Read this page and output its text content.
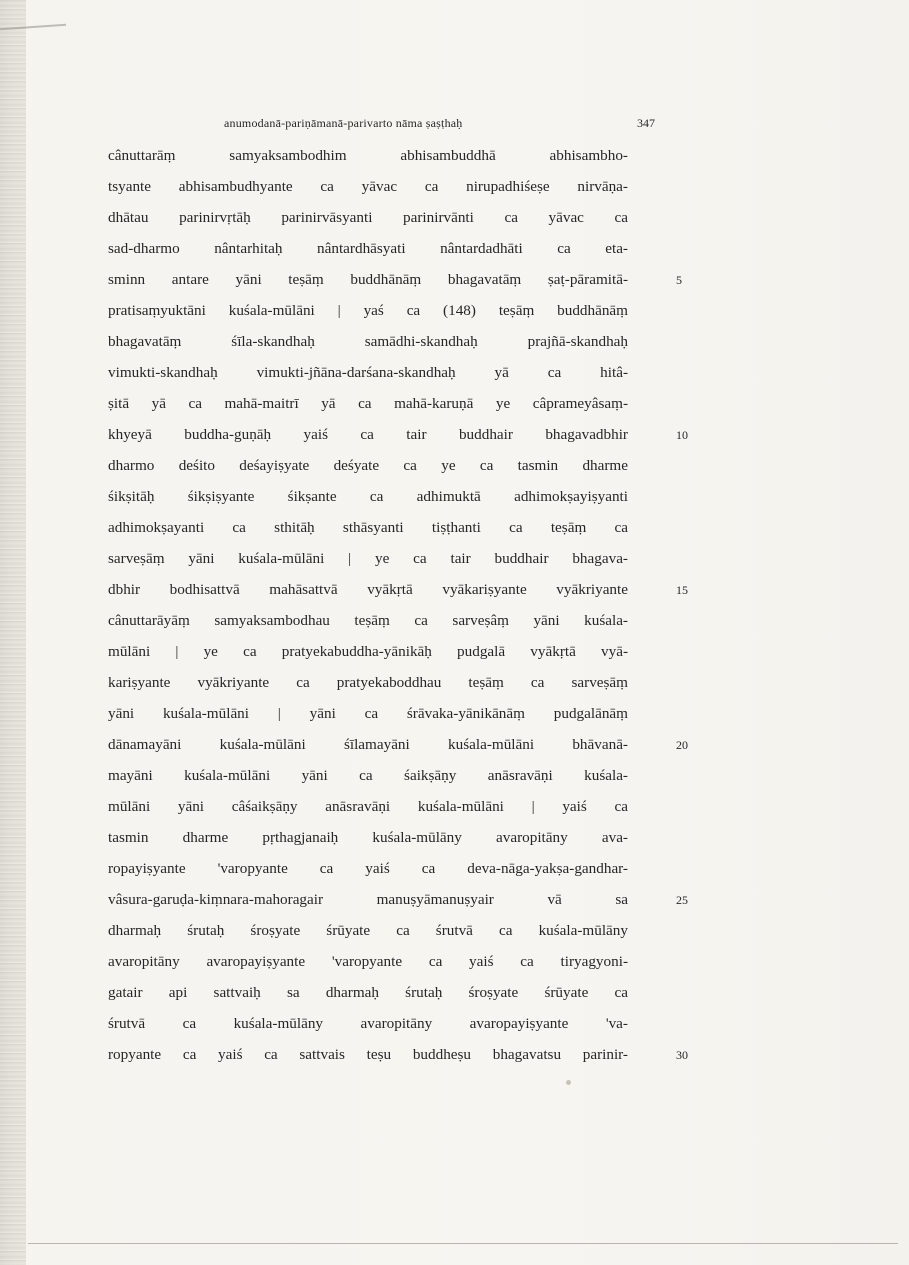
anumodanā-pariṇāmanā-parivarto nāma ṣaṣṭhaḥ	347
cânuttarāṃ samyaksambodhim abhisambuddhā abhisambho-
tsyante abhisambudhyante ca yāvac ca nirupadhiśeṣe nirvāṇa-
dhātau parinirvṛtāḥ parinirvāsyanti parinirvānti ca yāvac ca
sad-dharmo nântarhitaḥ nântardhāsyati nântardadhāti ca eta-
sminn antare yāni teṣāṃ buddhānāṃ bhagavatāṃ ṣaṭ-pāramitā-
pratisaṃyuktāni kuśala-mūlāni | yaś ca (148) teṣāṃ buddhānāṃ
bhagavatāṃ śīla-skandhaḥ samādhi-skandhaḥ prajñā-skandhaḥ
vimukti-skandhaḥ vimukti-jñāna-darśana-skandhaḥ yā ca hitâ-
ṣitā yā ca mahā-maitrī yā ca mahā-karuṇā ye câprameyâsaṃ-
khyeyā buddha-guṇāḥ yaiś ca tair buddhair bhagavadbhir
dharmo deśito deśayiṣyate deśyate ca ye ca tasmin dharme
śikṣitāḥ śikṣiṣyante śikṣante ca adhimuktā adhimokṣayiṣyanti
adhimokṣayanti ca sthitāḥ sthāsyanti tiṣṭhanti ca teṣāṃ ca
sarveṣāṃ yāni kuśala-mūlāni | ye ca tair buddhair bhagava-
dbhir bodhisattvā mahāsattvā vyākṛtā vyākariṣyante vyākriyante
cânuttarāyāṃ samyaksambodhau teṣāṃ ca sarveṣâṃ yāni kuśala-
mūlāni | ye ca pratyekabuddha-yānikāḥ pudgalā vyākṛtā vyā-
kariṣyante vyākriyante ca pratyekaboddhau teṣāṃ ca sarveṣāṃ
yāni kuśala-mūlāni | yāni ca śrāvaka-yānikānāṃ pudgalānāṃ
dānamayāni kuśala-mūlāni śīlamayāni kuśala-mūlāni bhāvanā-
mayāni kuśala-mūlāni yāni ca śaikṣāṇy anāsravāṇi kuśala-
mūlāni yāni câśaikṣāṇy anāsravāṇi kuśala-mūlāni | yaiś ca
tasmin dharme pṛthagjanaiḥ kuśala-mūlāny avaropitāny ava-
ropayiṣyante 'varopyante ca yaiś ca deva-nāga-yakṣa-gandhar-
vâsura-garuḍa-kiṃnara-mahoragair manuṣyāmanuṣyair vā sa
dharmaḥ śrutaḥ śroṣyate śrūyate ca śrutvā ca kuśala-mūlāny
avaropitāny avaropayiṣyante 'varopyante ca yaiś ca tiryagyoni-
gatair api sattvaiḥ sa dharmaḥ śrutaḥ śroṣyate śrūyate ca
śrutvā ca kuśala-mūlāny avaropitāny avaropayiṣyante 'va-
ropyante ca yaiś ca sattvais teṣu buddheṣu bhagavatsu parinir-
5
10
15
20
25
30
